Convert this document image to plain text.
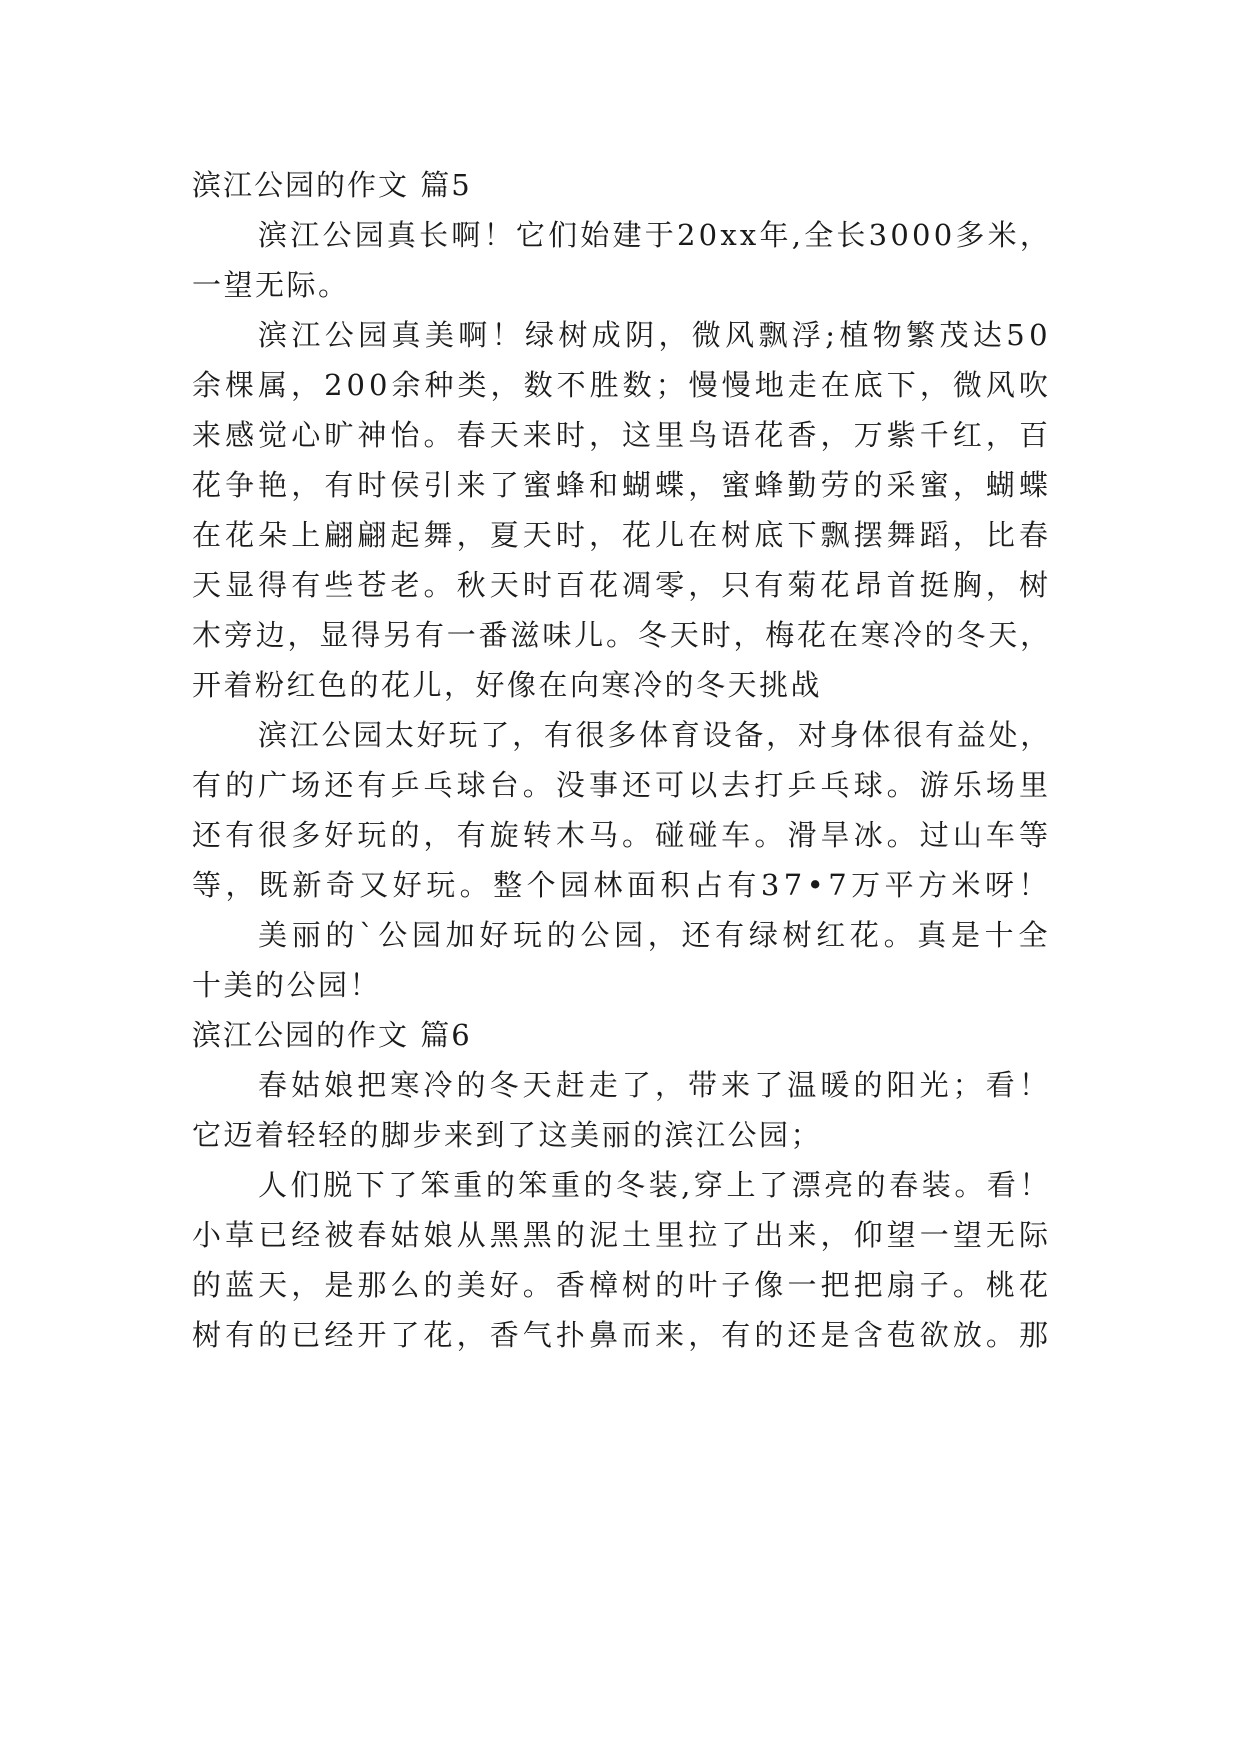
滨江公园的作文 篇5
滨江公园真长啊！它们始建于20xx年,全长3000多米，
一望无际。
滨江公园真美啊！绿树成阴，微风飘浮;植物繁茂达50
余棵属，200余种类，数不胜数；慢慢地走在底下，微风吹
来感觉心旷神怡。春天来时，这里鸟语花香，万紫千红，百
花争艳，有时侯引来了蜜蜂和蝴蝶，蜜蜂勤劳的采蜜，蝴蝶
在花朵上翩翩起舞，夏天时，花儿在树底下飘摆舞蹈，比春
天显得有些苍老。秋天时百花凋零，只有菊花昂首挺胸，树
木旁边，显得另有一番滋味儿。冬天时，梅花在寒冷的冬天，
开着粉红色的花儿，好像在向寒冷的冬天挑战
滨江公园太好玩了，有很多体育设备，对身体很有益处，
有的广场还有乒乓球台。没事还可以去打乒乓球。游乐场里
还有很多好玩的，有旋转木马。碰碰车。滑旱冰。过山车等
等，既新奇又好玩。整个园林面积占有37•7万平方米呀！
美丽的`公园加好玩的公园，还有绿树红花。真是十全
十美的公园！
滨江公园的作文 篇6
春姑娘把寒冷的冬天赶走了，带来了温暖的阳光；看！
它迈着轻轻的脚步来到了这美丽的滨江公园；
人们脱下了笨重的笨重的冬装,穿上了漂亮的春装。看！
小草已经被春姑娘从黑黑的泥土里拉了出来，仰望一望无际
的蓝天，是那么的美好。香樟树的叶子像一把把扇子。桃花
树有的已经开了花，香气扑鼻而来，有的还是含苞欲放。那
